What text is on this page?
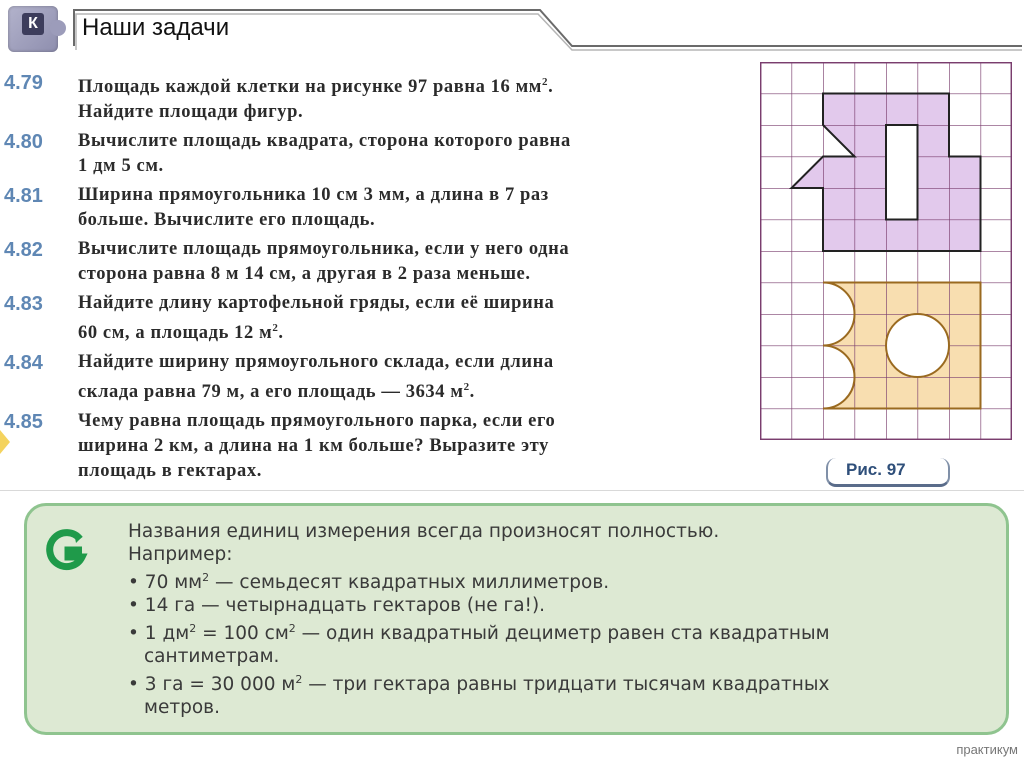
К Наши задачи
4.79	Площадь каждой клетки на рисунке 97 равна 16 $мм^2$.
Найдите площади фигур.
4.80	Вычислите площадь квадрата, сторона которого равна
1 дм 5 см.
4.81	Ширина прямоугольника 10 см 3 мм, а длина в 7 раз
больше. Вычислите его площадь.
4.82	Вычислите площадь прямоугольника, если у него одна
сторона равна 8 м 14 см, а другая в 2 раза меньше.
4.83	Найдите длину картофельной гряды, если её ширина
60 см, а площадь 12 $м^2$.
4.84	Найдите ширину прямоугольного склада, если длина
склада равна 79 м, а его площадь — 3634 $м^2$.
4.85	Чему равна площадь прямоугольного парка, если его
ширина 2 км, а длина на 1 км больше? Выразите эту
площадь в гектарах.	Рис. 97
Названия единиц измерения всегда произносят полностью.
Например:
• 70 $мм^2$ — семьдесят квадратных миллиметров.
• 14 га — четырнадцать гектаров (не га!).
• 1 $дм^2 = 100$ $см^2$ — один квадратный дециметр равен ста квадратным
сантиметрам.
• 3 га = 30 000 $м^2$ — три гектара равны тридцати тысячам квадратных
метров.
практикум
